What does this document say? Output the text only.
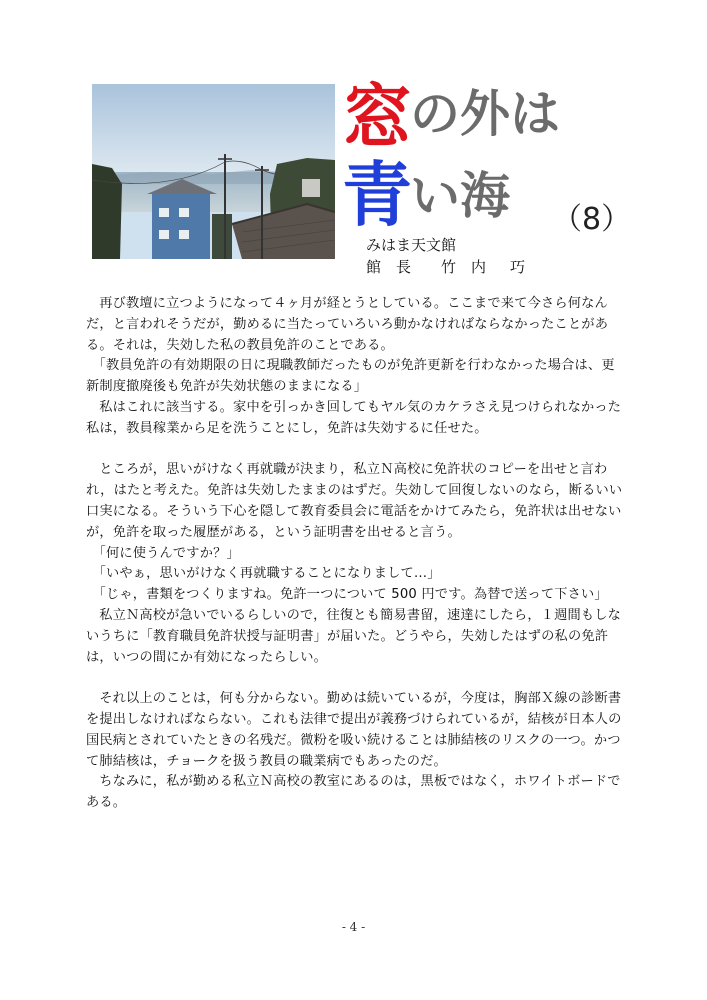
窓の外は
青い海 （8）
みはま天文館
館　長 竹　内 巧

再び教壇に立つようになって４ヶ月が経とうとしている。ここまで来て今さら何なんだ，と言われそうだが，勤めるに当たっていろいろ動かなければならなかったことがある。それは，失効した私の教員免許のことである。

「教員免許の有効期限の日に現職教師だったものが免許更新を行わなかった場合は、更新制度撤廃後も免許が失効状態のままになる」

私はこれに該当する。家中を引っかき回してもヤル気のカケラさえ見つけられなかった私は，教員稼業から足を洗うことにし，免許は失効するに任せた。

ところが，思いがけなく再就職が決まり，私立Ｎ高校に免許状のコピーを出せと言われ，はたと考えた。免許は失効したままのはずだ。失効して回復しないのなら，断るいい口実になる。そういう下心を隠して教育委員会に電話をかけてみたら，免許状は出せないが，免許を取った履歴がある，という証明書を出せると言う。

「何に使うんですか？」

「いやぁ，思いがけなく再就職することになりまして…」

「じゃ，書類をつくりますね。免許一つについて 500 円です。為替で送って下さい」

私立Ｎ高校が急いでいるらしいので，往復とも簡易書留，速達にしたら，１週間もしないうちに「教育職員免許状授与証明書」が届いた。どうやら，失効したはずの私の免許は，いつの間にか有効になったらしい。

それ以上のことは，何も分からない。勤めは続いているが，今度は，胸部Ｘ線の診断書を提出しなければならない。これも法律で提出が義務づけられているが，結核が日本人の国民病とされていたときの名残だ。微粉を吸い続けることは肺結核のリスクの一つ。かつて肺結核は，チョークを扱う教員の職業病でもあったのだ。

ちなみに，私が勤める私立Ｎ高校の教室にあるのは，黒板ではなく，ホワイトボードである。

- 4 -
